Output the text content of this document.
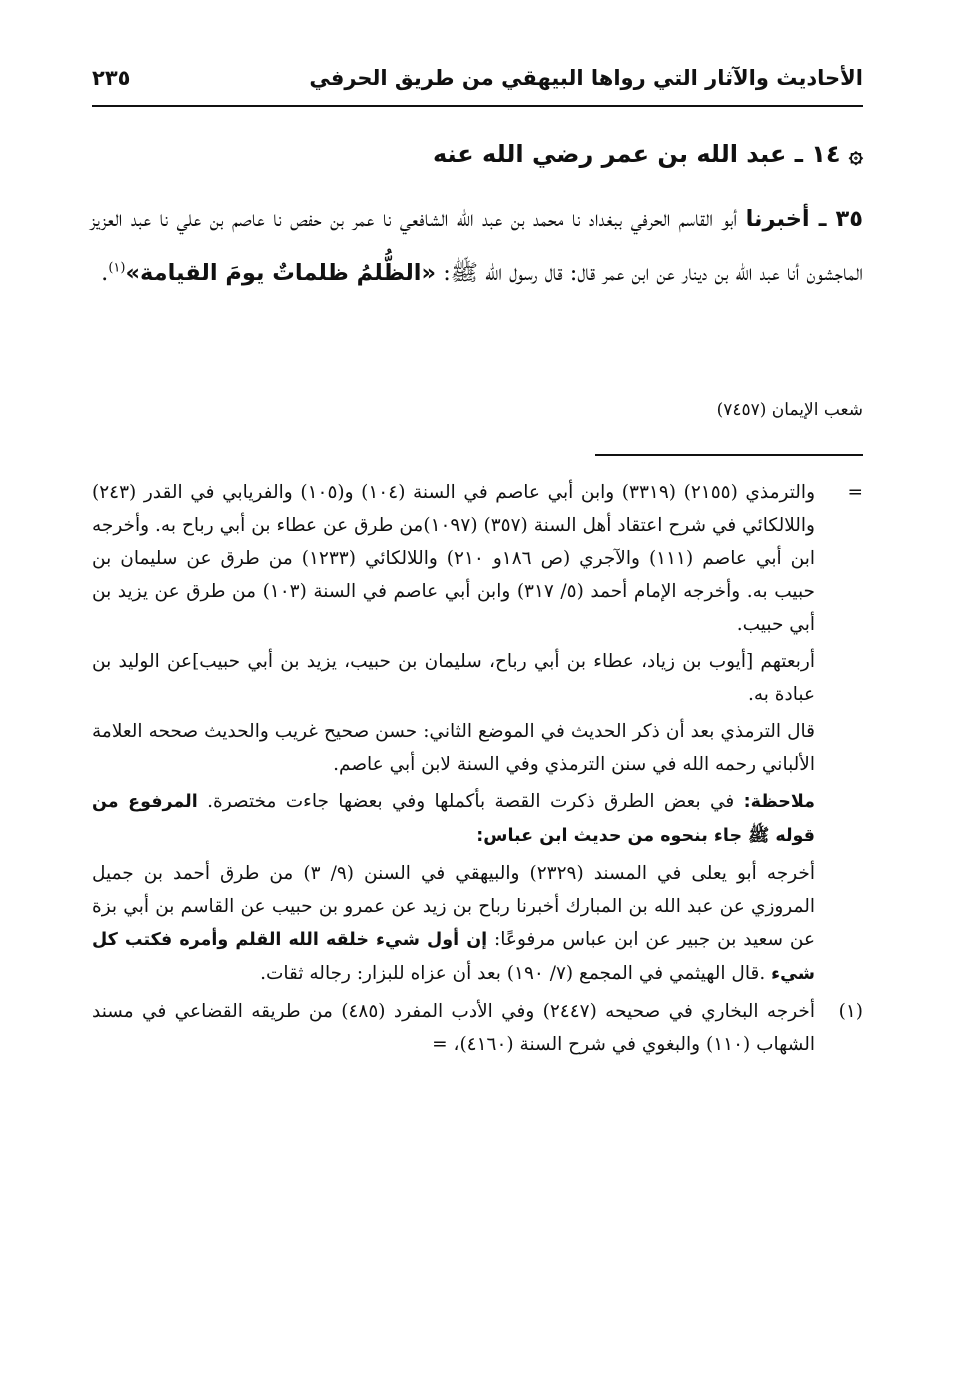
الأحاديث والآثار التي رواها البيهقي من طريق الحرفي
٢٣٥
۞ ١٤ ـ عبد الله بن عمر رضي الله عنه
٣٥ ـ أخبرنا أبو القاسم الحرفي ببغداد نا محمد بن عبد الله الشافعي نا عمر بن حفص نا عاصم بن علي نا عبد العزيز الماجشون أنا عبد الله بن دينار عن ابن عمر قال: قال رسول الله ﷺ: «الظُّلمُ ظلماتٌ يومَ القيامة»$^{(١)}$.
شعب الإيمان (٧٤٥٧)
=
والترمذي (٢١٥٥) (٣٣١٩) وابن أبي عاصم في السنة (١٠٤) و(١٠٥) والفريابي في القدر (٢٤٣) واللالكائي في شرح اعتقاد أهل السنة (٣٥٧) (١٠٩٧)من طرق عن عطاء بن أبي رباح به. وأخرجه ابن أبي عاصم (١١١) والآجري (ص ١٨٦و ٢١٠) واللالكائي (١٢٣٣) من طرق عن سليمان بن حبيب به. وأخرجه الإمام أحمد (٥/ ٣١٧) وابن أبي عاصم في السنة (١٠٣) من طرق عن يزيد بن أبي حبيب.
أربعتهم [أيوب بن زياد، عطاء بن أبي رباح، سليمان بن حبيب، يزيد بن أبي حبيب]عن الوليد بن عبادة به.
قال الترمذي بعد أن ذكر الحديث في الموضع الثاني: حسن صحيح غريب والحديث صححه العلامة الألباني رحمه الله في سنن الترمذي وفي السنة لابن أبي عاصم.
ملاحظة: في بعض الطرق ذكرت القصة بأكملها وفي بعضها جاءت مختصرة. المرفوع من قوله ﷺ جاء بنحوه من حديث ابن عباس:
أخرجه أبو يعلى في المسند (٢٣٢٩) والبيهقي في السنن (٩/ ٣) من طرق أحمد بن جميل المروزي عن عبد الله بن المبارك أخبرنا رباح بن زيد عن عمرو بن حبيب عن القاسم بن أبي بزة عن سعيد بن جبير عن ابن عباس مرفوعًا: إن أول شيء خلقه الله القلم وأمره فكتب كل شيء .قال الهيثمي في المجمع (٧/ ١٩٠) بعد أن عزاه للبزار: رجاله ثقات.
(١)
أخرجه البخاري في صحيحه (٢٤٤٧) وفي الأدب المفرد (٤٨٥) من طريقه القضاعي في مسند الشهاب (١١٠) والبغوي في شرح السنة (٤١٦٠)، =
